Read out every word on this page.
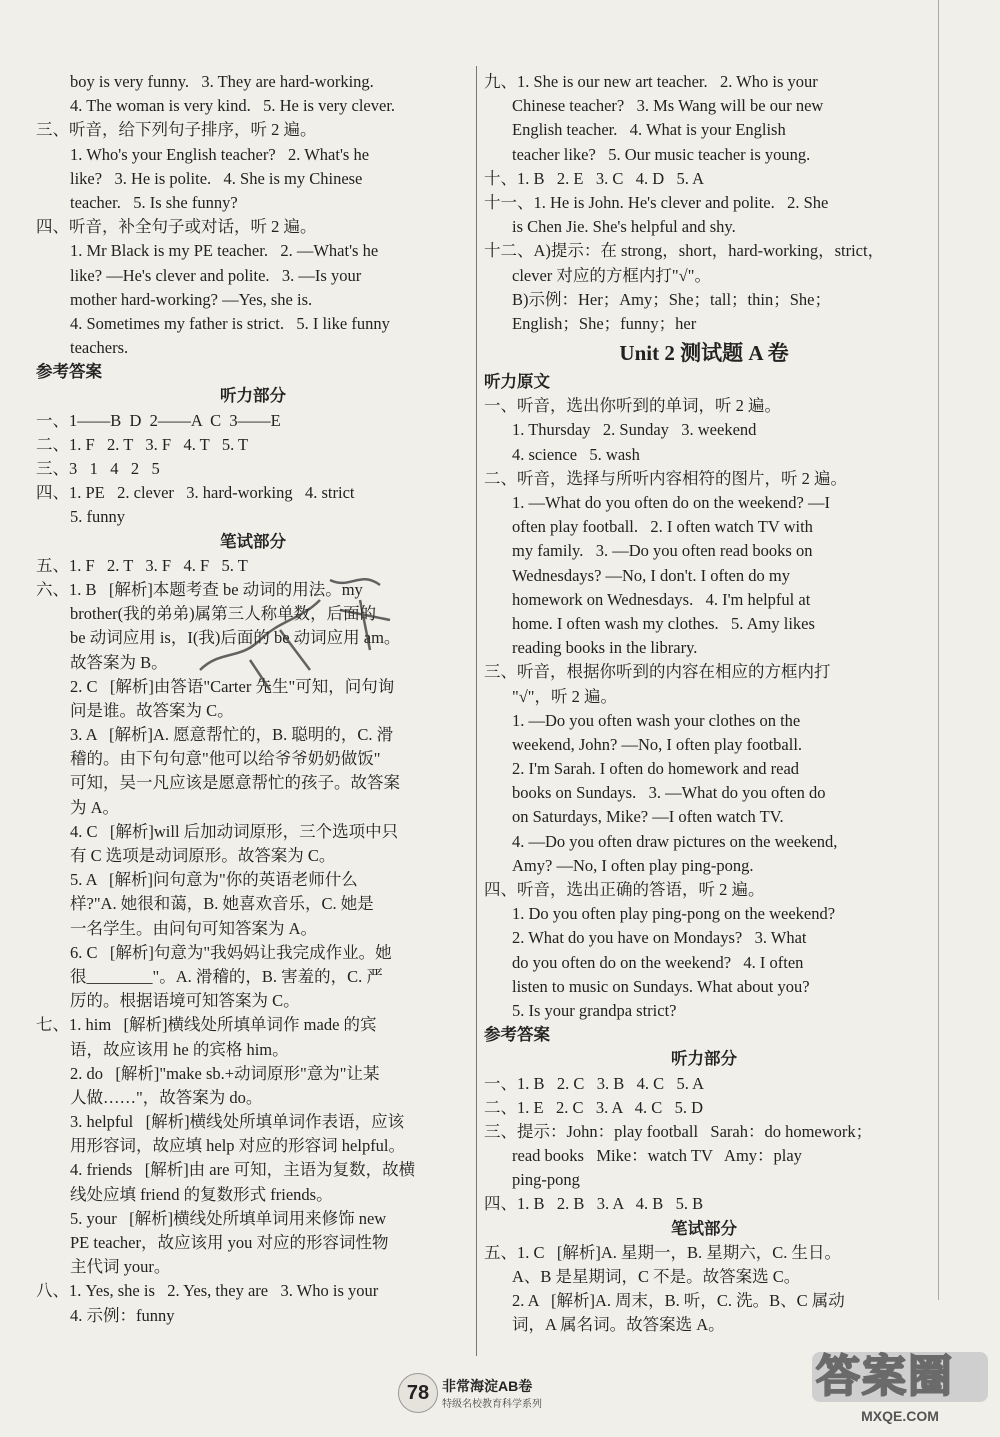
boy is very funny.   3. They are hard-working.
4. The woman is very kind.   5. He is very clever.
三、听音，给下列句子排序，听 2 遍。
1. Who's your English teacher?   2. What's he
like?   3. He is polite.   4. She is my Chinese
teacher.   5. Is she funny?
四、听音，补全句子或对话，听 2 遍。
1. Mr Black is my PE teacher.   2. —What's he
like? —He's clever and polite.   3. —Is your
mother hard-working? —Yes, she is.
4. Sometimes my father is strict.   5. I like funny
teachers.
参考答案
听力部分
一、1——B  D  2——A  C  3——E
二、1. F   2. T   3. F   4. T   5. T
三、3   1   4   2   5
四、1. PE   2. clever   3. hard-working   4. strict
5. funny
笔试部分
五、1. F   2. T   3. F   4. F   5. T
六、1. B   [解析]本题考查 be 动词的用法。my
brother(我的弟弟)属第三人称单数，后面的
be 动词应用 is，I(我)后面的 be 动词应用 am。
故答案为 B。
2. C   [解析]由答语"Carter 先生"可知，问句询
问是谁。故答案为 C。
3. A   [解析]A. 愿意帮忙的，B. 聪明的，C. 滑
稽的。由下句句意"他可以给爷爷奶奶做饭"
可知，吴一凡应该是愿意帮忙的孩子。故答案
为 A。
4. C   [解析]will 后加动词原形，三个选项中只
有 C 选项是动词原形。故答案为 C。
5. A   [解析]问句意为"你的英语老师什么
样?"A. 她很和蔼，B. 她喜欢音乐，C. 她是
一名学生。由问句可知答案为 A。
6. C   [解析]句意为"我妈妈让我完成作业。她
很________"。A. 滑稽的，B. 害羞的，C. 严
厉的。根据语境可知答案为 C。
七、1. him   [解析]横线处所填单词作 made 的宾
语，故应该用 he 的宾格 him。
2. do   [解析]"make sb.+动词原形"意为"让某
人做……"，故答案为 do。
3. helpful   [解析]横线处所填单词作表语，应该
用形容词，故应填 help 对应的形容词 helpful。
4. friends   [解析]由 are 可知，主语为复数，故横
线处应填 friend 的复数形式 friends。
5. your   [解析]横线处所填单词用来修饰 new
PE teacher，故应该用 you 对应的形容词性物
主代词 your。
八、1. Yes, she is   2. Yes, they are   3. Who is your
4. 示例：funny
九、1. She is our new art teacher.   2. Who is your
Chinese teacher?   3. Ms Wang will be our new
English teacher.   4. What is your English
teacher like?   5. Our music teacher is young.
十、1. B   2. E   3. C   4. D   5. A
十一、1. He is John. He's clever and polite.   2. She
is Chen Jie. She's helpful and shy.
十二、A)提示：在 strong，short，hard-working，strict，
clever 对应的方框内打"√"。
B)示例：Her；Amy；She；tall；thin；She；
English；She；funny；her
Unit 2 测试题 A 卷
听力原文
一、听音，选出你听到的单词，听 2 遍。
1. Thursday   2. Sunday   3. weekend
4. science   5. wash
二、听音，选择与所听内容相符的图片，听 2 遍。
1. —What do you often do on the weekend? —I
often play football.   2. I often watch TV with
my family.   3. —Do you often read books on
Wednesdays? —No, I don't. I often do my
homework on Wednesdays.   4. I'm helpful at
home. I often wash my clothes.   5. Amy likes
reading books in the library.
三、听音，根据你听到的内容在相应的方框内打
"√"，听 2 遍。
1. —Do you often wash your clothes on the
weekend, John? —No, I often play football.
2. I'm Sarah. I often do homework and read
books on Sundays.   3. —What do you often do
on Saturdays, Mike? —I often watch TV.
4. —Do you often draw pictures on the weekend,
Amy? —No, I often play ping-pong.
四、听音，选出正确的答语，听 2 遍。
1. Do you often play ping-pong on the weekend?
2. What do you have on Mondays?   3. What
do you often do on the weekend?   4. I often
listen to music on Sundays. What about you?
5. Is your grandpa strict?
参考答案
听力部分
一、1. B   2. C   3. B   4. C   5. A
二、1. E   2. C   3. A   4. C   5. D
三、提示：John：play football   Sarah：do homework；
read books   Mike：watch TV   Amy：play
ping-pong
四、1. B   2. B   3. A   4. B   5. B
笔试部分
五、1. C   [解析]A. 星期一，B. 星期六，C. 生日。
A、B 是星期词，C 不是。故答案选 C。
2. A   [解析]A. 周末，B. 听，C. 洗。B、C 属动
词，A 属名词。故答案选 A。
78 非常海淀AB卷
特级名校教育科学系列
答案圈
MXQE.COM
